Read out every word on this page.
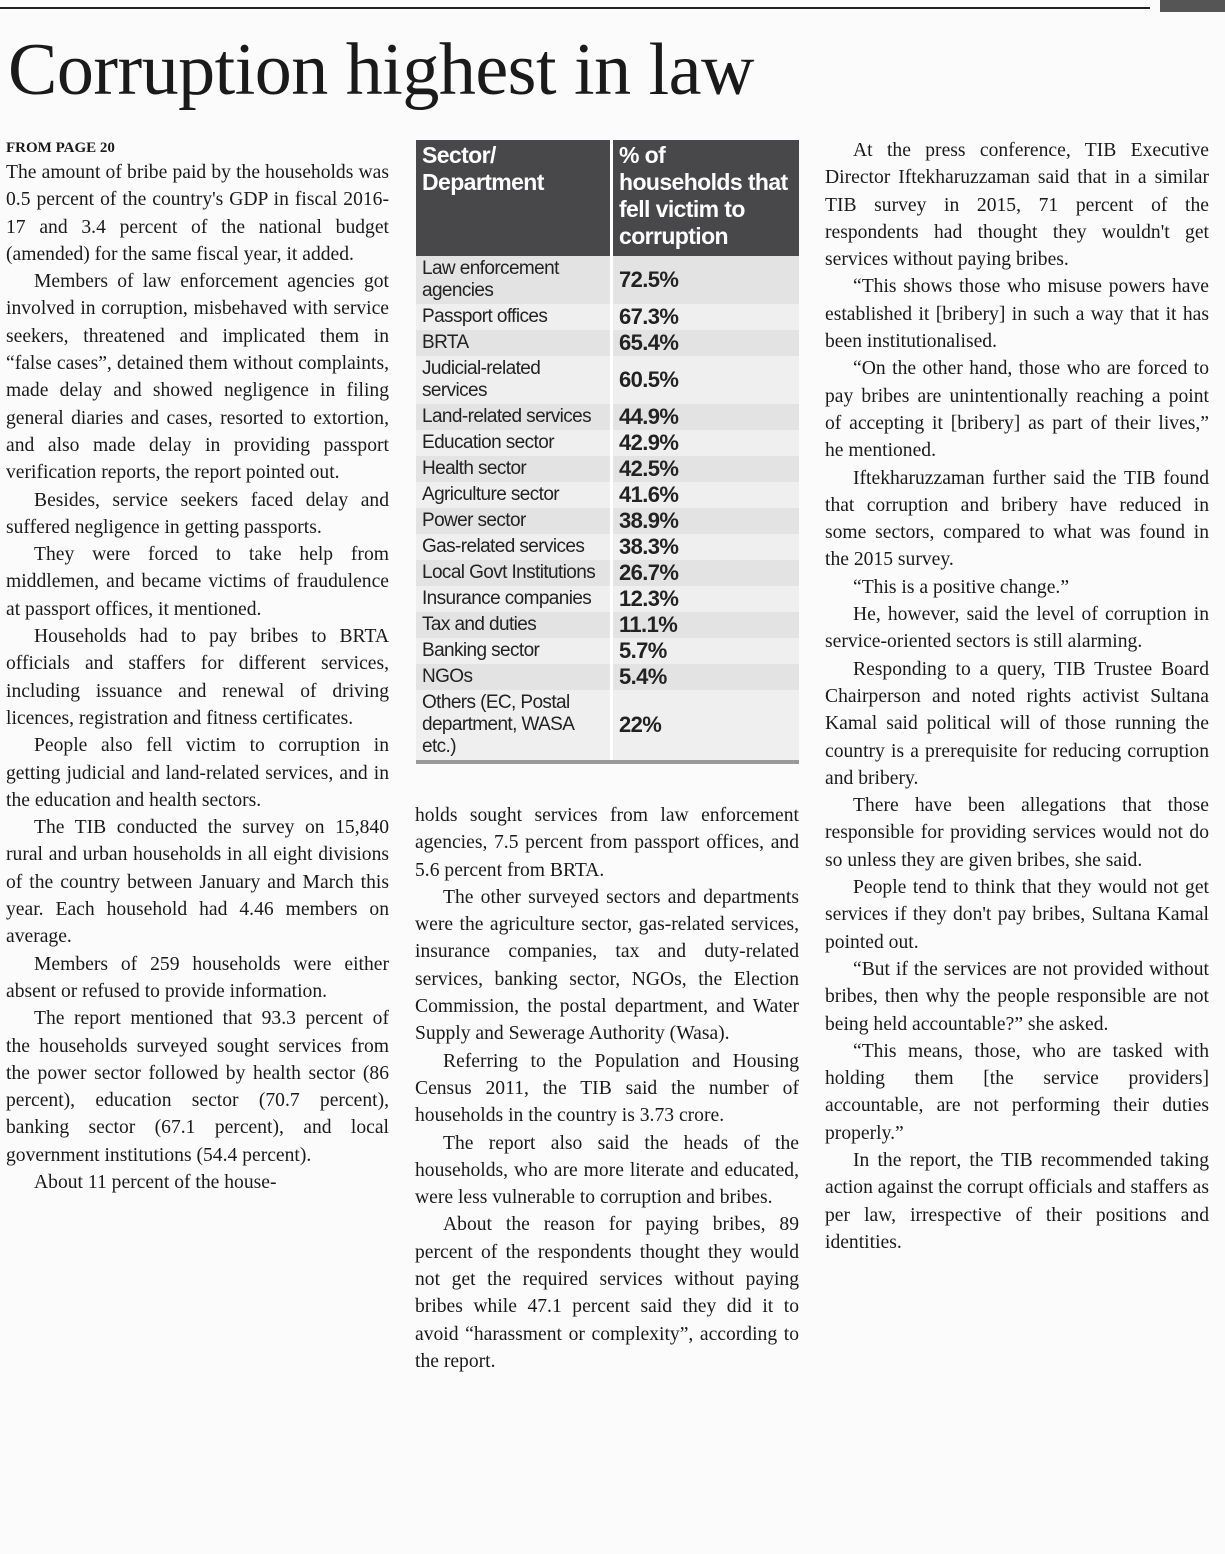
Corruption highest in law

FROM PAGE 20

The amount of bribe paid by the households was 0.5 percent of the country's GDP in fiscal 2016-17 and 3.4 percent of the national budget (amended) for the same fiscal year, it added.

Members of law enforcement agencies got involved in corruption, misbehaved with service seekers, threatened and implicated them in “false cases”, detained them without complaints, made delay and showed negligence in filing general diaries and cases, resorted to extortion, and also made delay in providing passport verification reports, the report pointed out.

Besides, service seekers faced delay and suffered negligence in getting passports.

They were forced to take help from middlemen, and became victims of fraudulence at passport offices, it mentioned.

Households had to pay bribes to BRTA officials and staffers for different services, including issuance and renewal of driving licences, registration and fitness certificates.

People also fell victim to corruption in getting judicial and land-related services, and in the education and health sectors.

The TIB conducted the survey on 15,840 rural and urban households in all eight divisions of the country between January and March this year. Each household had 4.46 members on average.

Members of 259 households were either absent or refused to provide information.

The report mentioned that 93.3 percent of the households surveyed sought services from the power sector followed by health sector (86 percent), education sector (70.7 percent), banking sector (67.1 percent), and local government institutions (54.4 percent).

About 11 percent of the house-

Sector/ Department	% of households that fell victim to corruption
Law enforcement agencies	72.5%
Passport offices	67.3%
BRTA	65.4%
Judicial-related services	60.5%
Land-related services	44.9%
Education sector	42.9%
Health sector	42.5%
Agriculture sector	41.6%
Power sector	38.9%
Gas-related services	38.3%
Local Govt Institutions	26.7%
Insurance companies	12.3%
Tax and duties	11.1%
Banking sector	5.7%
NGOs	5.4%
Others (EC, Postal department, WASA etc.)	22%

holds sought services from law enforcement agencies, 7.5 percent from passport offices, and 5.6 percent from BRTA.

The other surveyed sectors and departments were the agriculture sector, gas-related services, insurance companies, tax and duty-related services, banking sector, NGOs, the Election Commission, the postal department, and Water Supply and Sewerage Authority (Wasa).

Referring to the Population and Housing Census 2011, the TIB said the number of households in the country is 3.73 crore.

The report also said the heads of the households, who are more literate and educated, were less vulnerable to corruption and bribes.

About the reason for paying bribes, 89 percent of the respondents thought they would not get the required services without paying bribes while 47.1 percent said they did it to avoid “harassment or complexity”, according to the report.

At the press conference, TIB Executive Director Iftekharuzzaman said that in a similar TIB survey in 2015, 71 percent of the respondents had thought they wouldn't get services without paying bribes.

“This shows those who misuse powers have established it [bribery] in such a way that it has been institutionalised.

“On the other hand, those who are forced to pay bribes are unintentionally reaching a point of accepting it [bribery] as part of their lives,” he mentioned.

Iftekharuzzaman further said the TIB found that corruption and bribery have reduced in some sectors, compared to what was found in the 2015 survey.

“This is a positive change.”

He, however, said the level of corruption in service-oriented sectors is still alarming.

Responding to a query, TIB Trustee Board Chairperson and noted rights activist Sultana Kamal said political will of those running the country is a prerequisite for reducing corruption and bribery.

There have been allegations that those responsible for providing services would not do so unless they are given bribes, she said.

People tend to think that they would not get services if they don't pay bribes, Sultana Kamal pointed out.

“But if the services are not provided without bribes, then why the people responsible are not being held accountable?” she asked.

“This means, those, who are tasked with holding them [the service providers] accountable, are not performing their duties properly.”

In the report, the TIB recommended taking action against the corrupt officials and staffers as per law, irrespective of their positions and identities.
